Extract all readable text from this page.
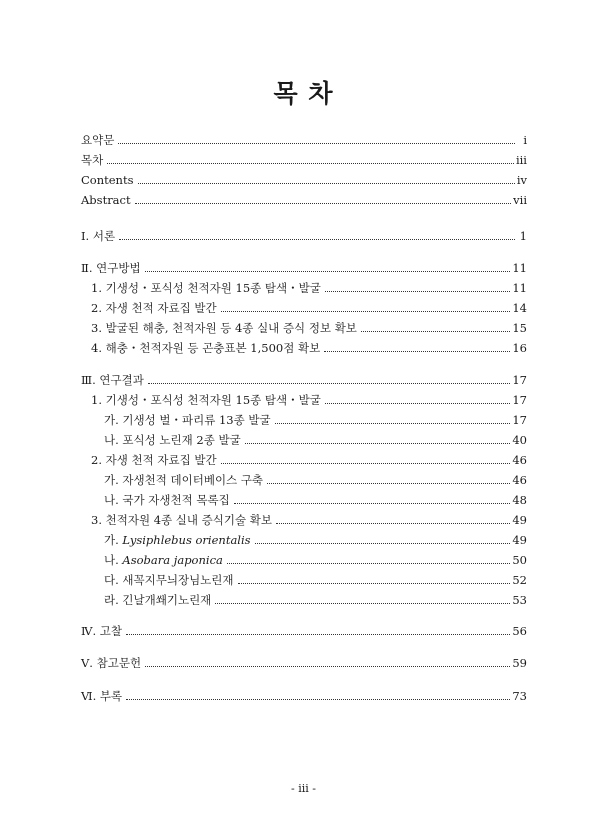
목 차
요약문	i
목차	iii
Contents	iv
Abstract	vii
Ⅰ. 서론	1
Ⅱ. 연구방법	11
1. 기생성・포식성 천적자원 15종 탐색・발굴	11
2. 자생 천적 자료집 발간	14
3. 발굴된 해충, 천적자원 등 4종 실내 증식 정보 확보	15
4. 해충・천적자원 등 곤충표본 1,500점 확보	16
Ⅲ. 연구결과	17
1. 기생성・포식성 천적자원 15종 탐색・발굴	17
가. 기생성 벌・파리류 13종 발굴	17
나. 포식성 노린재 2종 발굴	40
2. 자생 천적 자료집 발간	46
가. 자생천적 데이터베이스 구축	46
나. 국가 자생천적 목록집	48
3. 천적자원 4종 실내 증식기술 확보	49
가. Lysiphlebus orientalis	49
나. Asobara japonica	50
다. 새꼭지무늬장님노린재	52
라. 긴날개쐐기노린재	53
Ⅳ. 고찰	56
Ⅴ. 참고문헌	59
Ⅵ. 부록	73
- iii -
